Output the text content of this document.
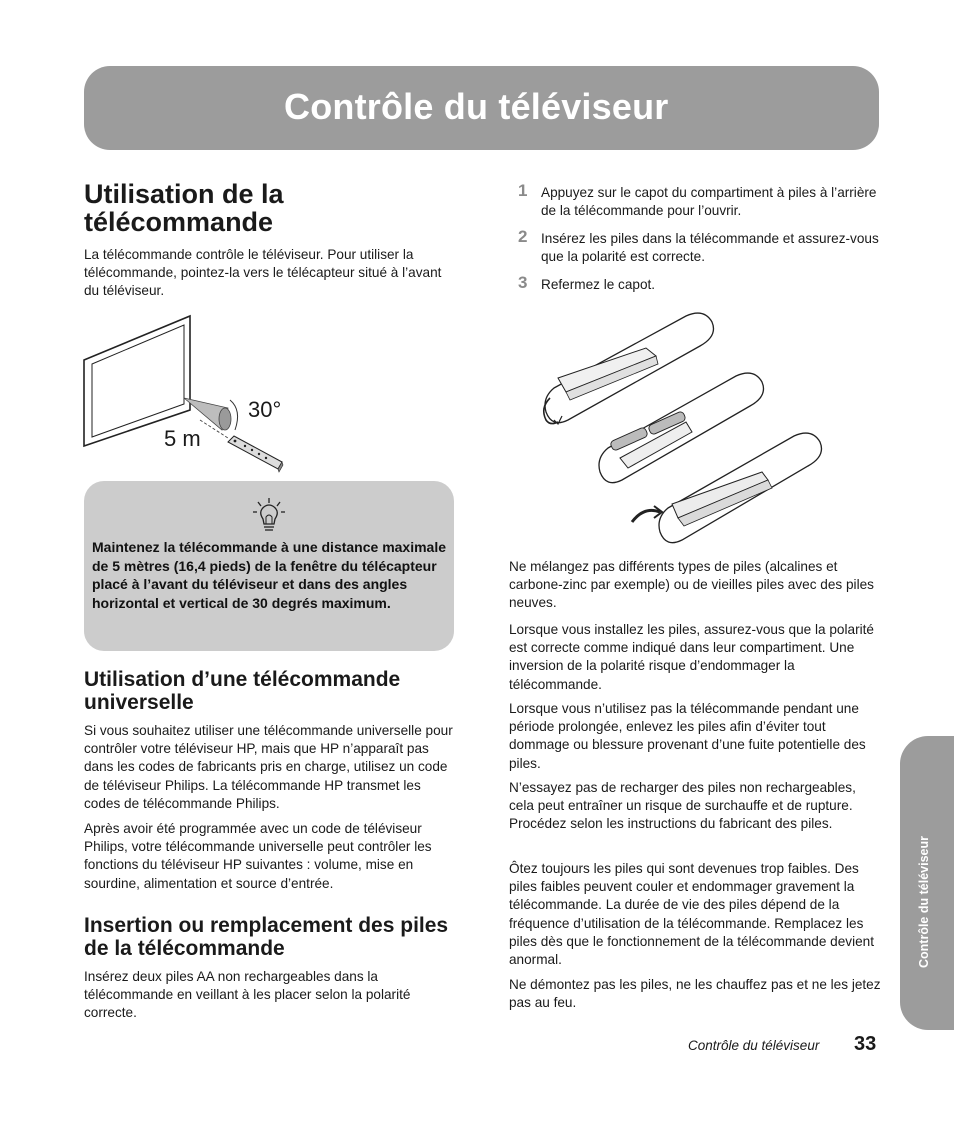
Contrôle du téléviseur
Contrôle du téléviseur
Utilisation de la
télécommande

La télécommande contrôle le téléviseur. Pour utiliser la télécommande, pointez-la vers le télécapteur situé à l’avant du téléviseur.

30°
5 m

Maintenez la télécommande à une distance maximale de 5 mètres (16,4 pieds) de la fenêtre du télécapteur placé à l’avant du téléviseur et dans des angles horizontal et vertical de 30 degrés maximum.

Utilisation d’une télécommande universelle

Si vous souhaitez utiliser une télécommande universelle pour contrôler votre téléviseur HP, mais que HP n’apparaît pas dans les codes de fabricants pris en charge, utilisez un code de téléviseur Philips. La télécommande HP transmet les codes de télécommande Philips.

Après avoir été programmée avec un code de téléviseur Philips, votre télécommande universelle peut contrôler les fonctions du téléviseur HP suivantes : volume, mise en sourdine, alimentation et source d’entrée.

Insertion ou remplacement des piles de la télécommande

Insérez deux piles AA non rechargeables dans la télécommande en veillant à les placer selon la polarité correcte.

1 Appuyez sur le capot du compartiment à piles à l’arrière de la télécommande pour l’ouvrir.

2 Insérez les piles dans la télécommande et assurez-vous que la polarité est correcte.

3 Refermez le capot.

Ne mélangez pas différents types de piles (alcalines et carbone-zinc par exemple) ou de vieilles piles avec des piles neuves.

Lorsque vous installez les piles, assurez-vous que la polarité est correcte comme indiqué dans leur compartiment. Une inversion de la polarité risque d’endommager la télécommande.

Lorsque vous n’utilisez pas la télécommande pendant une période prolongée, enlevez les piles afin d’éviter tout dommage ou blessure provenant d’une fuite potentielle des piles.

N’essayez pas de recharger des piles non rechargeables, cela peut entraîner un risque de surchauffe et de rupture. Procédez selon les instructions du fabricant des piles.

Ôtez toujours les piles qui sont devenues trop faibles. Des piles faibles peuvent couler et endommager gravement la télécommande. La durée de vie des piles dépend de la fréquence d’utilisation de la télécommande. Remplacez les piles dès que le fonctionnement de la télécommande devient anormal.

Ne démontez pas les piles, ne les chauffez pas et ne les jetez pas au feu.

Contrôle du téléviseur 33
